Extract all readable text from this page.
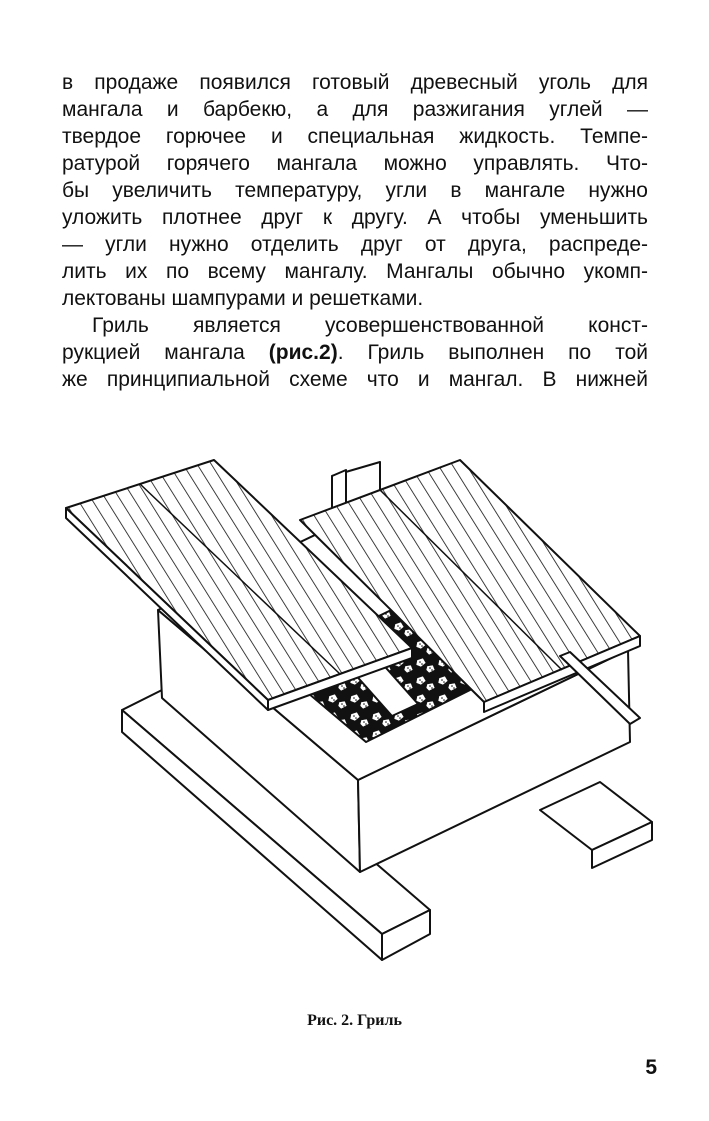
в продаже появился готовый древесный уголь для
мангала и барбекю, а для разжигания углей —
твердое горючее и специальная жидкость. Темпе-
ратурой горячего мангала можно управлять. Что-
бы увеличить температуру, угли в мангале нужно
уложить плотнее друг к другу. А чтобы уменьшить
— угли нужно отделить друг от друга, распреде-
лить их по всему мангалу. Мангалы обычно укомп-
лектованы шампурами и решетками.
Гриль является усовершенствованной конст-
рукцией мангала (рис.2). Гриль выполнен по той
же принципиальной схеме что и мангал. В нижней
Рис. 2. Гриль
5
